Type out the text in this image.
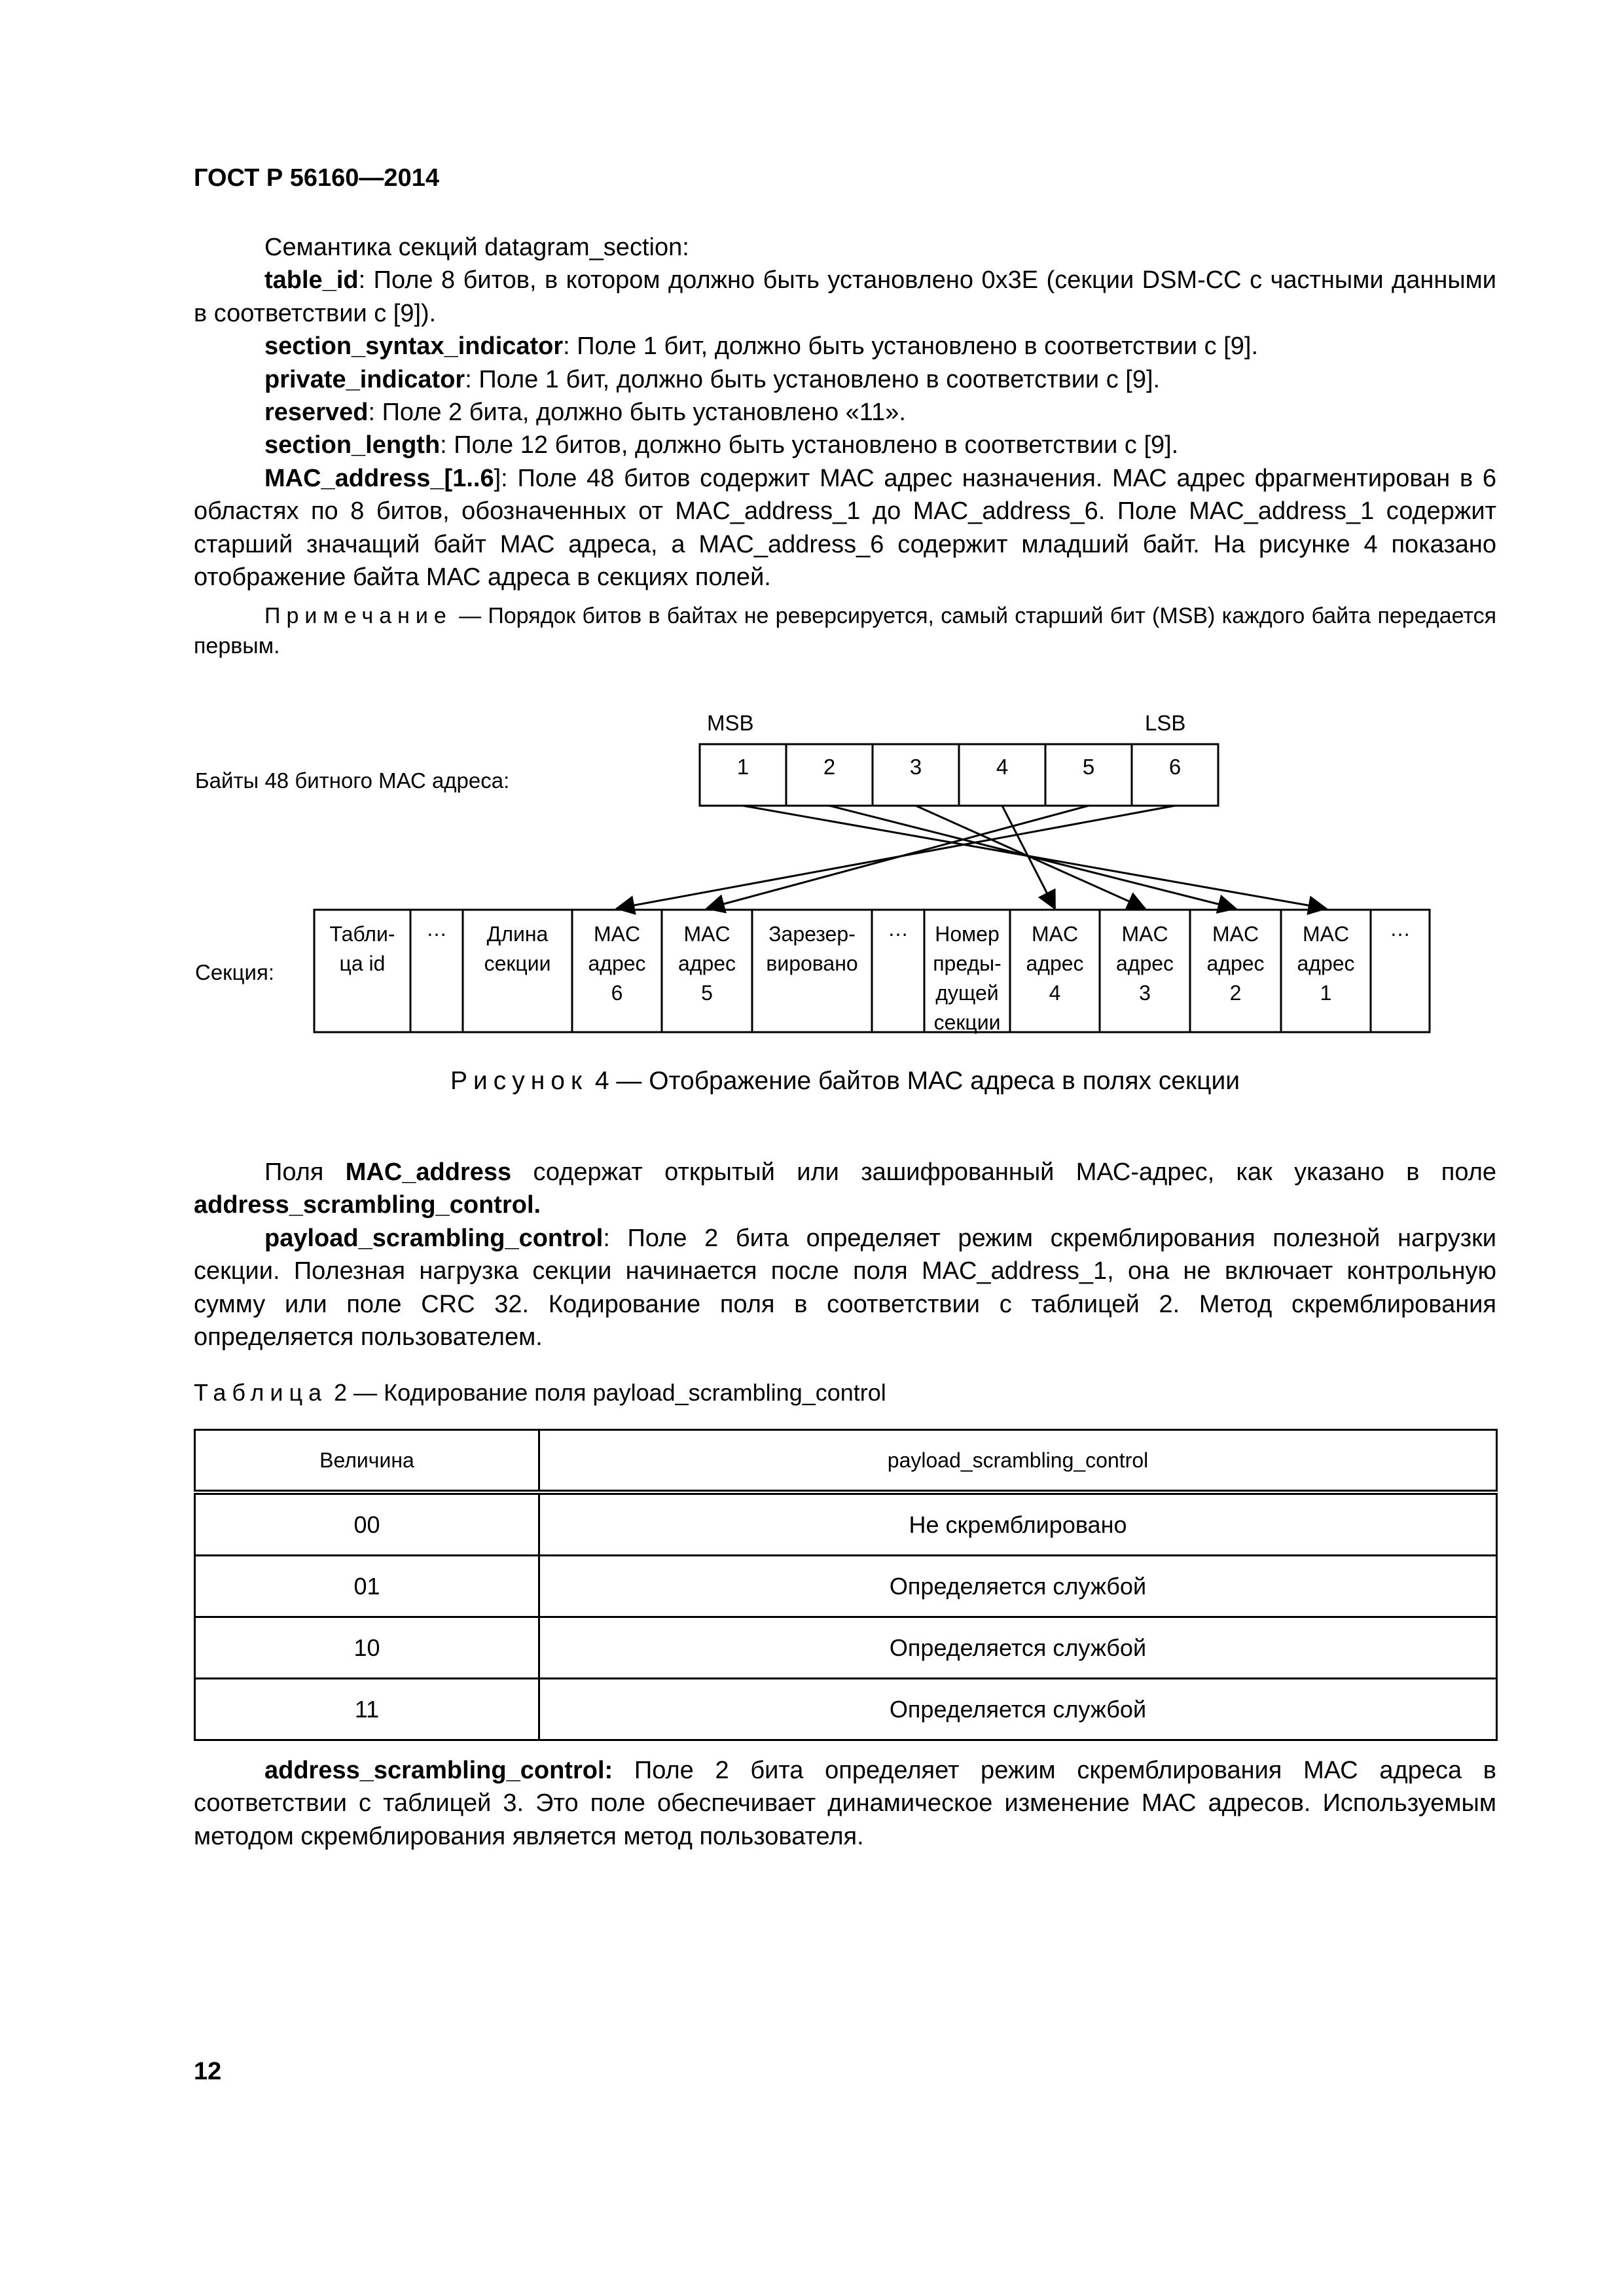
ГОСТ Р 56160—2014

Семантика секций datagram_section:

table_id: Поле 8 битов, в котором должно быть установлено 0x3E (секции DSM-CC с частными данными в соответствии с [9]).

section_syntax_indicator: Поле 1 бит, должно быть установлено в соответствии с [9].

private_indicator: Поле 1 бит, должно быть установлено в соответствии с [9].

reserved: Поле 2 бита, должно быть установлено «11».

section_length: Поле 12 битов, должно быть установлено в соответствии с [9].

MAC_address_[1..6]: Поле 48 битов содержит МАС адрес назначения. МАС адрес фрагментирован в 6 областях по 8 битов, обозначенных от MAC_address_1 до MAC_address_6. Поле MAC_address_1 содержит старший значащий байт МАС адреса, а MAC_address_6 содержит младший байт. На рисунке 4 показано отображение байта МАС адреса в секциях полей.

Примечание — Порядок битов в байтах не реверсируется, самый старший бит (MSB) каждого байта передается первым.
MSB	LSB
Байты 48 битного МАС адреса:
Секция:
1	2	3	4	5	6
Табли-
ца id
… Длина
секции
MAC
адрес
6
MAC
адрес
5
Зарезер-
вировано
… Номер
преды-
дущей
секции
MAC
адрес
4
MAC
адрес
3
MAC
адрес
2
MAC
адрес
1
…
Рисунок 4 — Отображение байтов МАС адреса в полях секции

Поля MAC_address содержат открытый или зашифрованный МАС-адрес, как указано в поле address_scrambling_control.

payload_scrambling_control: Поле 2 бита определяет режим скремблирования полезной нагрузки секции. Полезная нагрузка секции начинается после поля MAC_address_1, она не включает контрольную сумму или поле CRC 32. Кодирование поля в соответствии с таблицей 2. Метод скремблирования определяется пользователем.

Таблица 2 — Кодирование поля payload_scrambling_control
Величина	payload_scrambling_control
00	Не скремблировано
01	Определяется службой
10	Определяется службой
11	Определяется службой

address_scrambling_control: Поле 2 бита определяет режим скремблирования МАС адреса в соответствии с таблицей 3. Это поле обеспечивает динамическое изменение МАС адресов. Используемым методом скремблирования является метод пользователя.

12
